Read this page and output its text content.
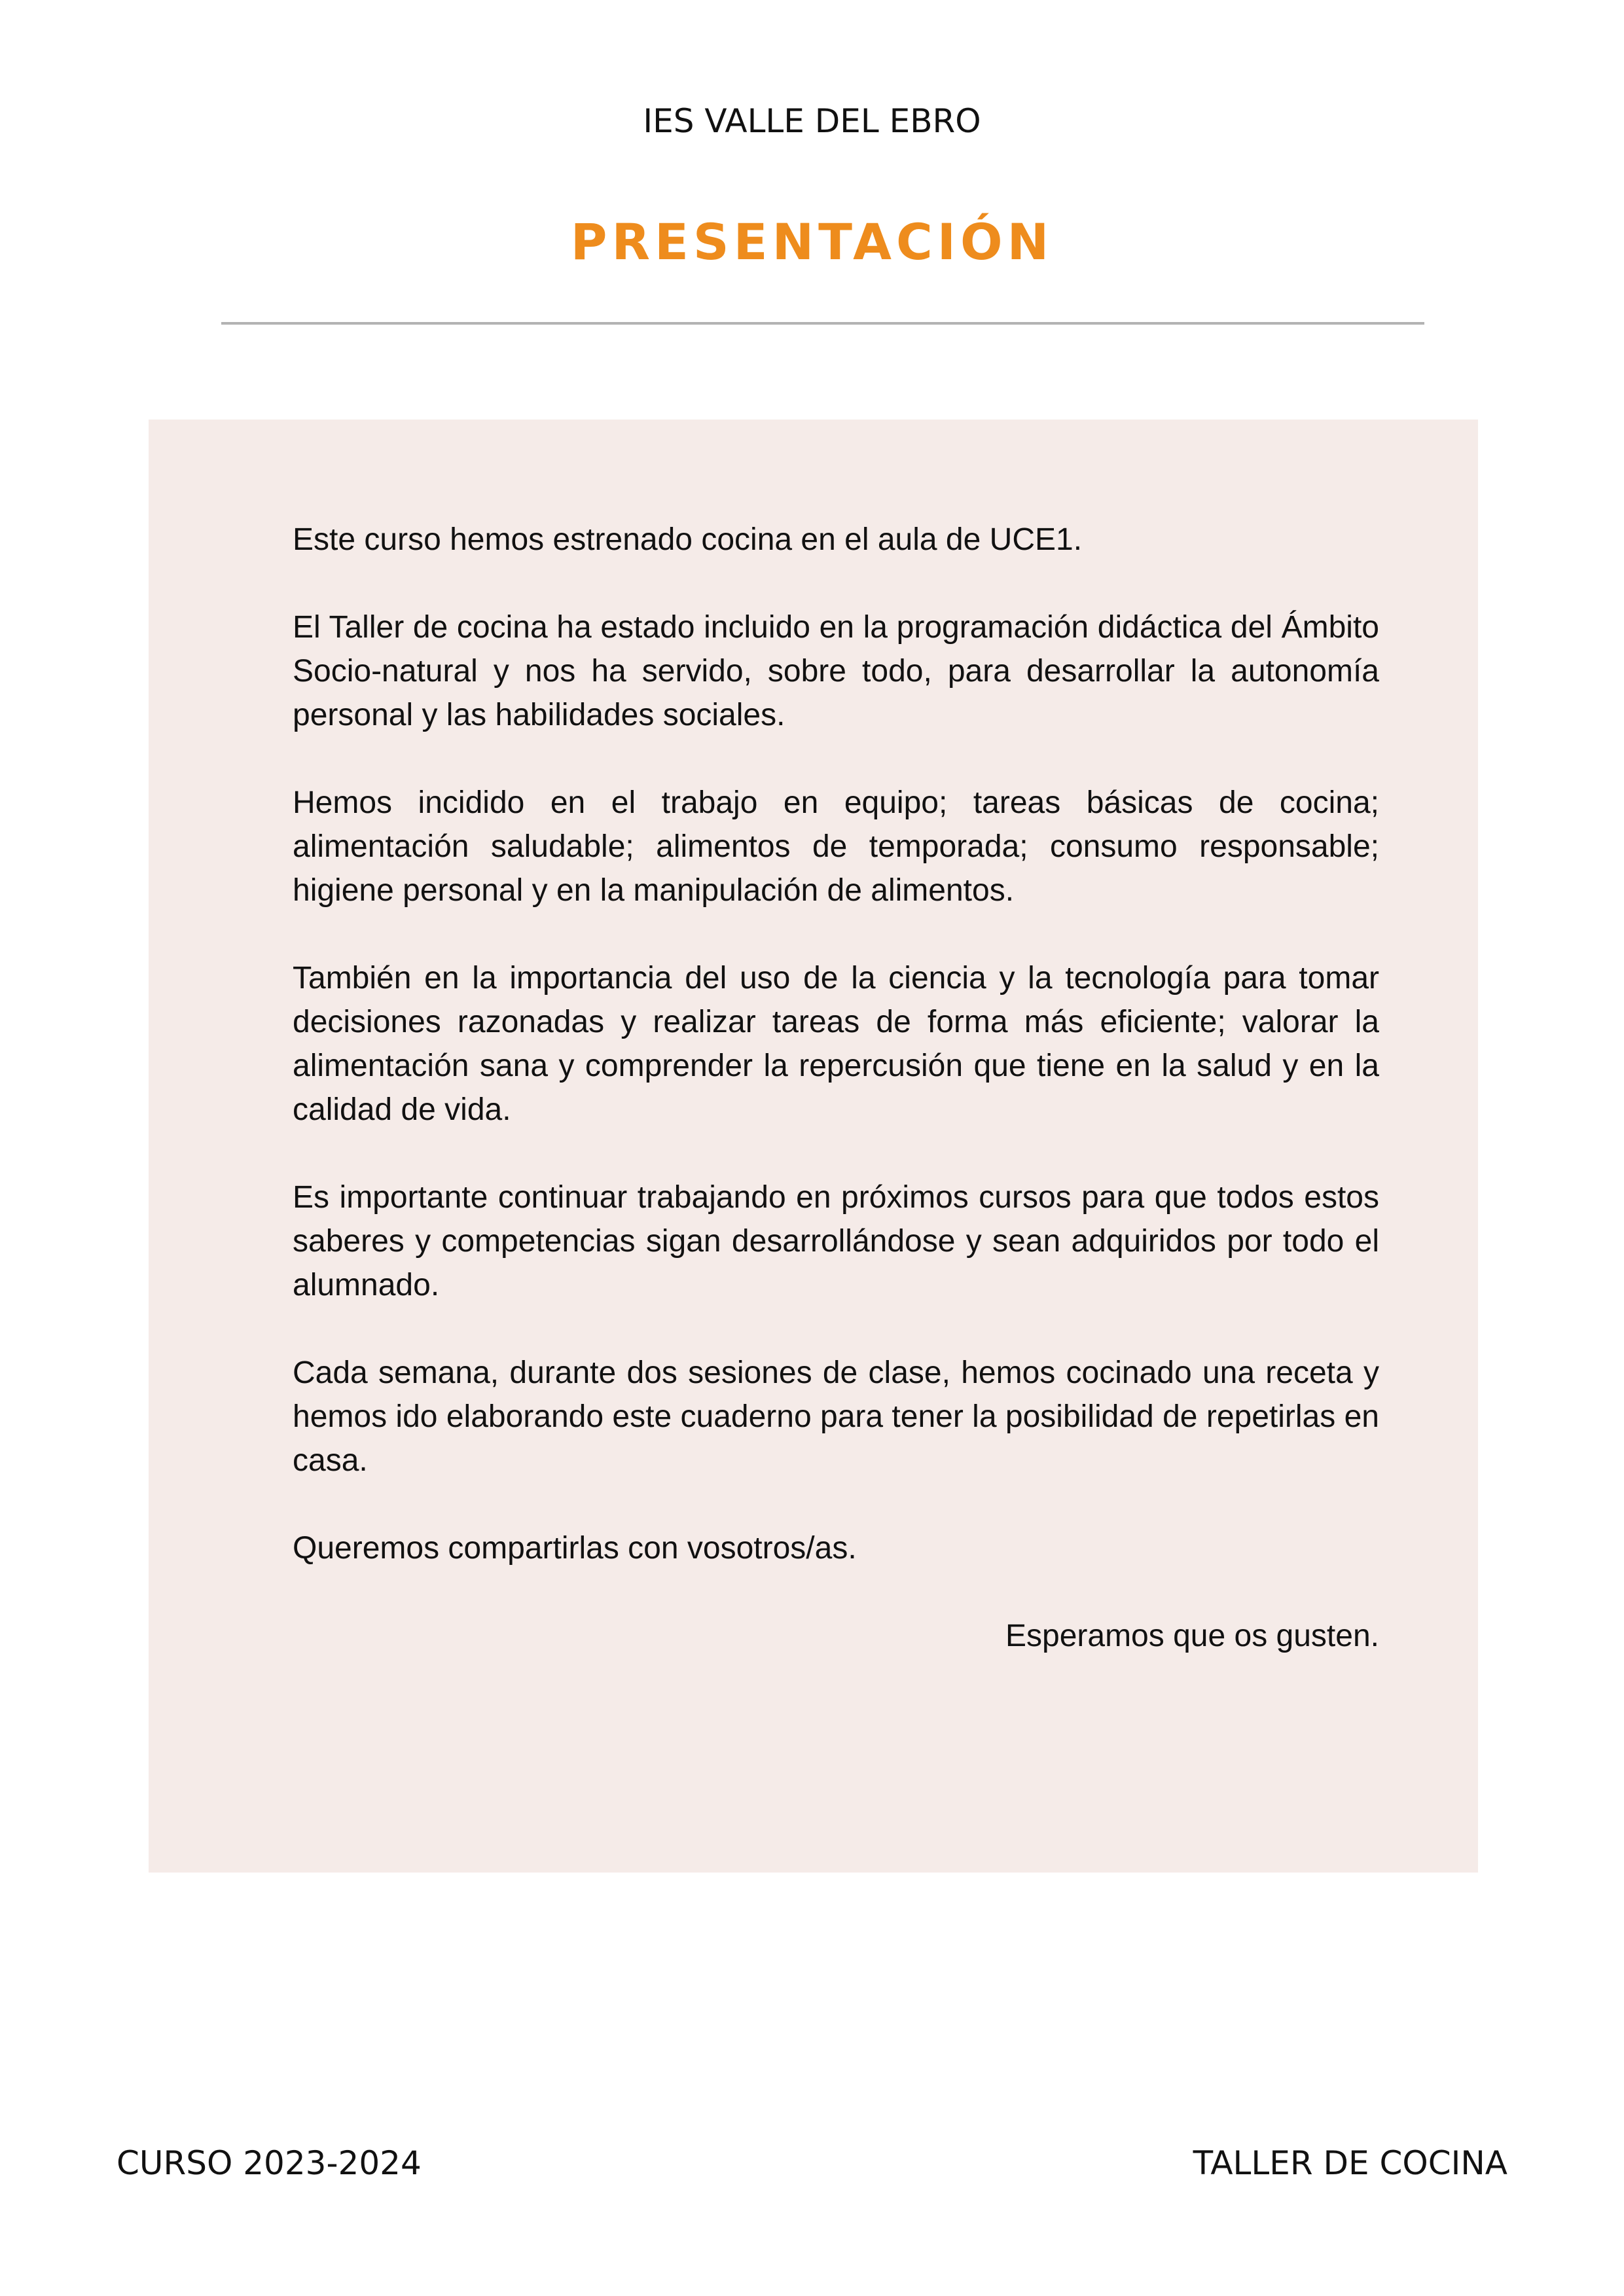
IES VALLE DEL EBRO
PRESENTACIÓN

Este curso hemos estrenado cocina en el aula de UCE1.

El Taller de cocina ha estado incluido en la programación didáctica del Ámbito Socio-natural y nos ha servido, sobre todo, para desarrollar la autonomía personal y las habilidades sociales.

Hemos incidido en el trabajo en equipo; tareas básicas de cocina; alimentación saludable; alimentos de temporada; consumo responsable; higiene personal y en la manipulación de alimentos.

También en la importancia del uso de la ciencia y la tecnología para tomar decisiones razonadas y realizar tareas de forma más eficiente; valorar la alimentación sana y comprender la repercusión que tiene en la salud y en la calidad de vida.

Es importante continuar trabajando en próximos cursos para que todos estos saberes y competencias sigan desarrollándose y sean adquiridos por todo el alumnado.

Cada semana, durante dos sesiones de clase, hemos cocinado una receta y hemos ido elaborando este cuaderno para tener la posibilidad de repetirlas en casa.

Queremos compartirlas con vosotros/as.

Esperamos que os gusten.

CURSO 2023-2024	TALLER DE COCINA
